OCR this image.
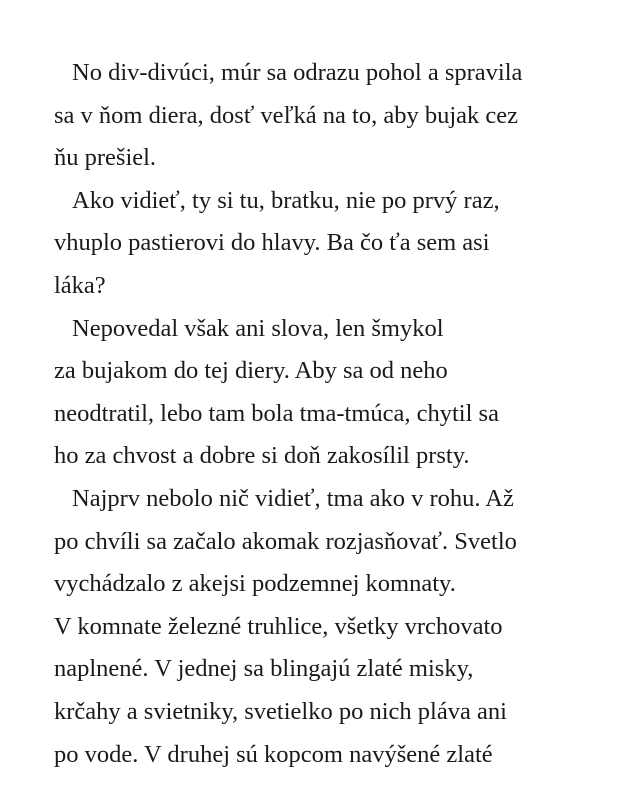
No div-divúci, múr sa odrazu pohol a spravila
sa v ňom diera, dosť veľká na to, aby bujak cez
ňu prešiel.
Ako vidieť, ty si tu, bratku, nie po prvý raz,
vhuplo pastierovi do hlavy. Ba čo ťa sem asi
láka?
Nepovedal však ani slova, len šmykol
za bujakom do tej diery. Aby sa od neho
neodtratil, lebo tam bola tma-tmúca, chytil sa
ho za chvost a dobre si doň zakosílil prsty.
Najprv nebolo nič vidieť, tma ako v rohu. Až
po chvíli sa začalo akomak rozjasňovať. Svetlo
vychádzalo z akejsi podzemnej komnaty.
V komnate železné truhlice, všetky vrchovato
naplnené. V jednej sa blingajú zlaté misky,
krčahy a svietniky, svetielko po nich pláva ani
po vode. V druhej sú kopcom navýšené zlaté
